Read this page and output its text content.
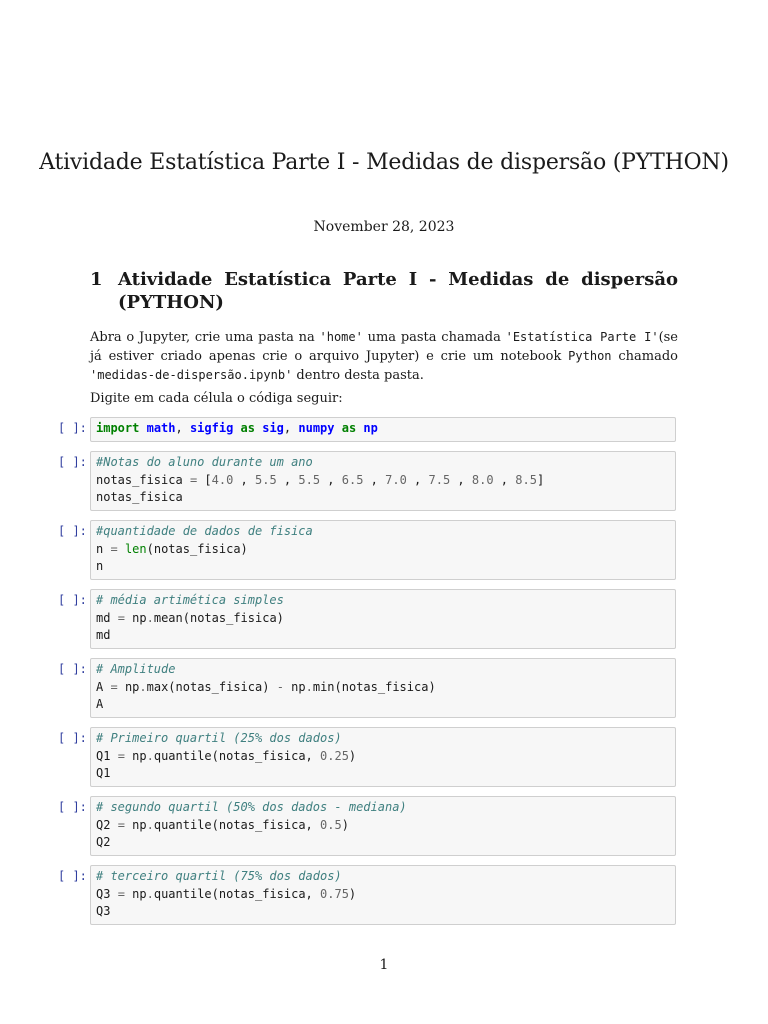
Atividade Estatística Parte I - Medidas de dispersão (PYTHON)
November 28, 2023
1 Atividade Estatística Parte I - Medidas de dispersão
(PYTHON)
Abra o Jupyter, crie uma pasta na 'home' uma pasta chamada 'Estatística Parte I'(se já estiver criado apenas crie o arquivo Jupyter) e crie um notebook Python chamado 'medidas-de-dispersão.ipynb' dentro desta pasta.
Digite em cada célula o códiga seguir:
[ ]: import math, sigfig as sig, numpy as np
[ ]: #Notas do aluno durante um ano
notas_fisica = [4.0 , 5.5 , 5.5 , 6.5 , 7.0 , 7.5 , 8.0 , 8.5]
notas_fisica
[ ]: #quantidade de dados de fisica
n = len(notas_fisica)
n
[ ]: # média artimética simples
md = np.mean(notas_fisica)
md
[ ]: # Amplitude
A = np.max(notas_fisica) - np.min(notas_fisica)
A
[ ]: # Primeiro quartil (25% dos dados)
Q1 = np.quantile(notas_fisica, 0.25)
Q1
[ ]: # segundo quartil (50% dos dados - mediana)
Q2 = np.quantile(notas_fisica, 0.5)
Q2
[ ]: # terceiro quartil (75% dos dados)
Q3 = np.quantile(notas_fisica, 0.75)
Q3
1
